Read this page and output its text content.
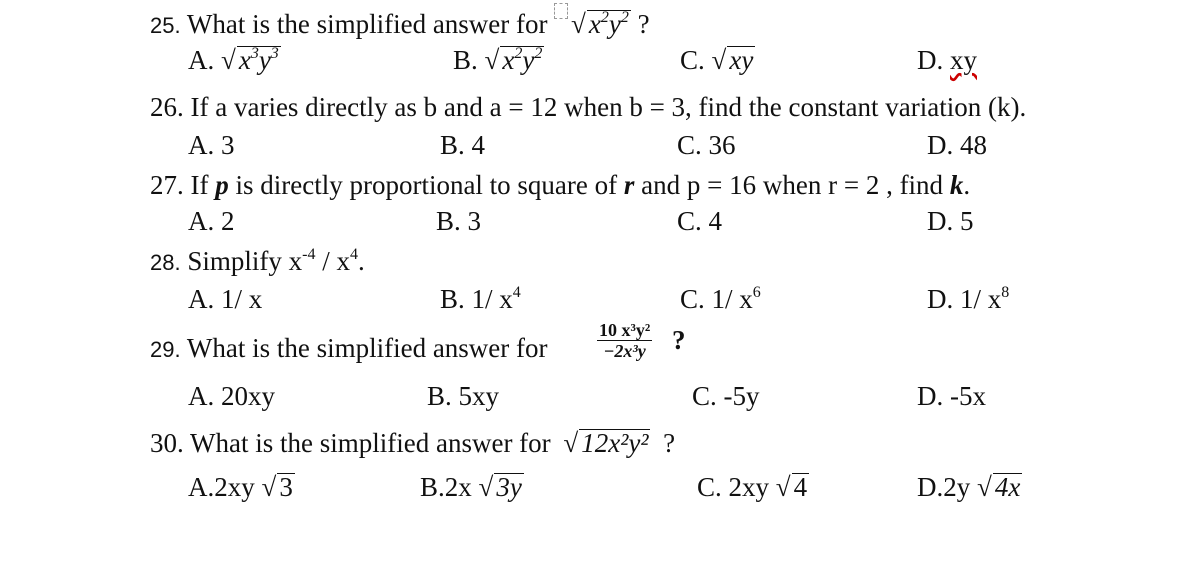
25. What is the simplified answer for √ $x^2y^2$ ?
A. √ $x^3y^3$	B. √ $x^2y^2$	C. √ xy	D. xy
26. If a varies directly as b and a = 12 when b = 3, find the constant variation (k).
A. 3	B. 4	C. 36	D. 48
27. If p is directly proportional to square of r and p = 16 when r = 2 , find k.
A. 2	B. 3	C. 4	D. 5
28. Simplify $x^{-4} / x^4$.
A. 1/ x	B. 1/ $x^4$	C. 1/ $x^6$	D. 1/ $x^8$
29. What is the simplified answer for	$\frac{\text{10 x³y²}}{\text{−2x³y}}$ ?
A. 20xy	B. 5xy	C. -5y	D. -5x
30. What is the simplified answer for √ 12x²y² ?
A.2xy √ 3	B.2x √ 3y	C. 2xy √ 4	D.2y √ 4x
